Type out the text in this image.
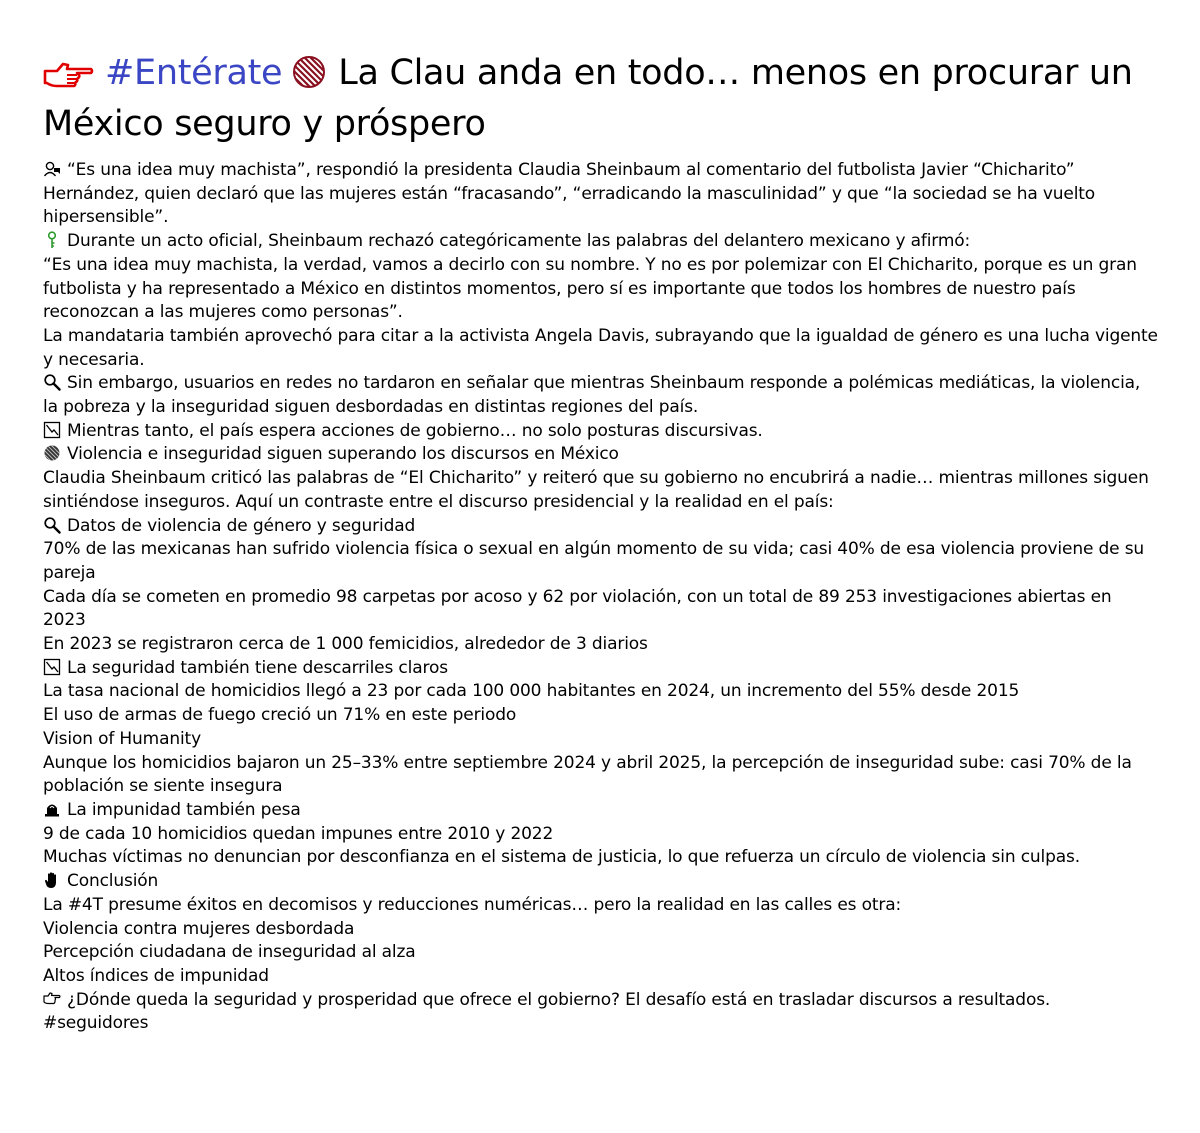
#Entérate La Clau anda en todo… menos en procurar un México seguro y próspero
“Es una idea muy machista”, respondió la presidenta Claudia Sheinbaum al comentario del futbolista Javier “Chicharito” Hernández, quien declaró que las mujeres están “fracasando”, “erradicando la masculinidad” y que “la sociedad se ha vuelto hipersensible”.
Durante un acto oficial, Sheinbaum rechazó categóricamente las palabras del delantero mexicano y afirmó:
“Es una idea muy machista, la verdad, vamos a decirlo con su nombre. Y no es por polemizar con El Chicharito, porque es un gran futbolista y ha representado a México en distintos momentos, pero sí es importante que todos los hombres de nuestro país reconozcan a las mujeres como personas”.
La mandataria también aprovechó para citar a la activista Angela Davis, subrayando que la igualdad de género es una lucha vigente y necesaria.
Sin embargo, usuarios en redes no tardaron en señalar que mientras Sheinbaum responde a polémicas mediáticas, la violencia, la pobreza y la inseguridad siguen desbordadas en distintas regiones del país.
Mientras tanto, el país espera acciones de gobierno… no solo posturas discursivas.
Violencia e inseguridad siguen superando los discursos en México
Claudia Sheinbaum criticó las palabras de “El Chicharito” y reiteró que su gobierno no encubrirá a nadie… mientras millones siguen sintiéndose inseguros. Aquí un contraste entre el discurso presidencial y la realidad en el país:
Datos de violencia de género y seguridad
70% de las mexicanas han sufrido violencia física o sexual en algún momento de su vida; casi 40% de esa violencia proviene de su pareja
Cada día se cometen en promedio 98 carpetas por acoso y 62 por violación, con un total de 89 253 investigaciones abiertas en 2023
En 2023 se registraron cerca de 1 000 femicidios, alrededor de 3 diarios
La seguridad también tiene descarriles claros
La tasa nacional de homicidios llegó a 23 por cada 100 000 habitantes en 2024, un incremento del 55% desde 2015
El uso de armas de fuego creció un 71% en este periodo
Vision of Humanity
Aunque los homicidios bajaron un 25–33% entre septiembre 2024 y abril 2025, la percepción de inseguridad sube: casi 70% de la población se siente insegura
La impunidad también pesa
9 de cada 10 homicidios quedan impunes entre 2010 y 2022
Muchas víctimas no denuncian por desconfianza en el sistema de justicia, lo que refuerza un círculo de violencia sin culpas.
Conclusión
La #4T presume éxitos en decomisos y reducciones numéricas… pero la realidad en las calles es otra:
Violencia contra mujeres desbordada
Percepción ciudadana de inseguridad al alza
Altos índices de impunidad
¿Dónde queda la seguridad y prosperidad que ofrece el gobierno? El desafío está en trasladar discursos a resultados.
#seguidores
